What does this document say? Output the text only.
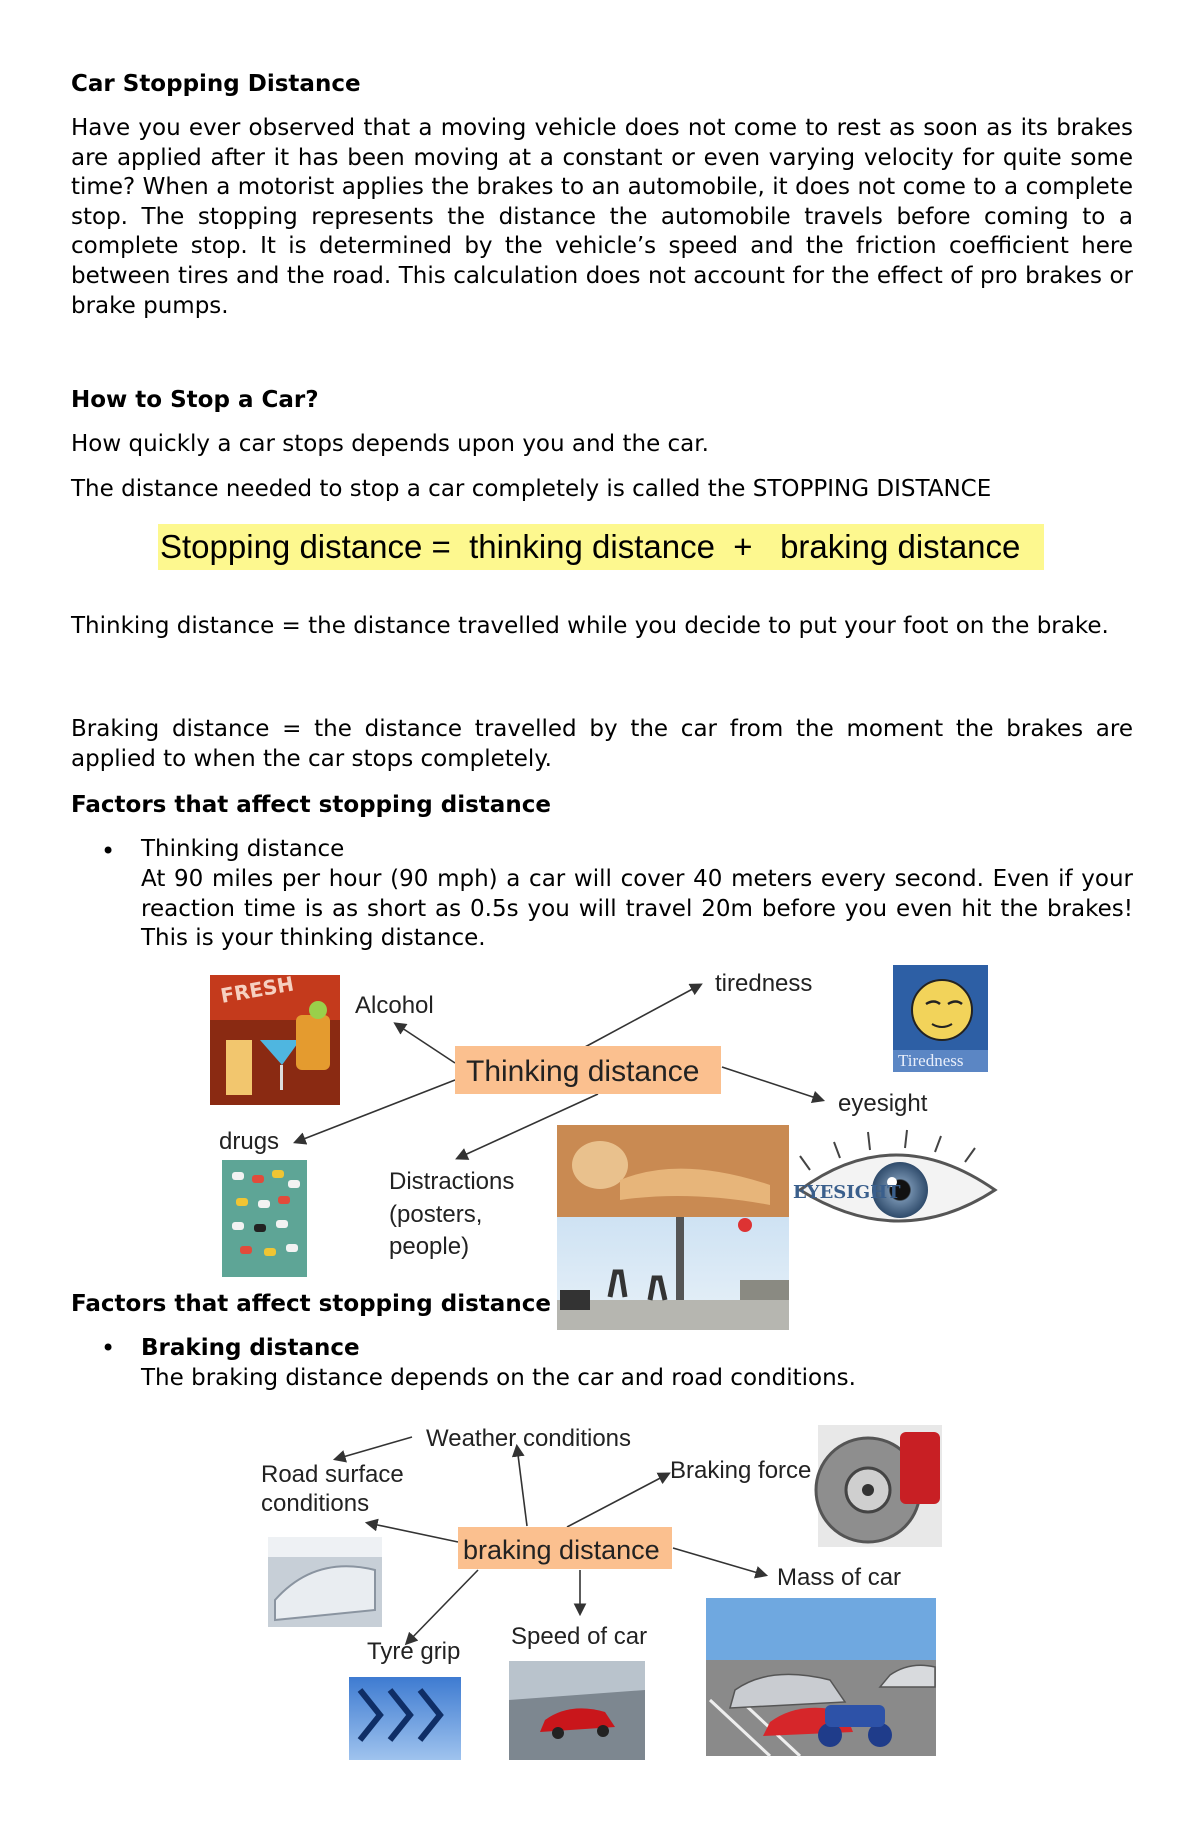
Car Stopping Distance

Have you ever observed that a moving vehicle does not come to rest as soon as its brakes are applied after it has been moving at a constant or even varying velocity for quite some time? When a motorist applies the brakes to an automobile, it does not come to a complete stop. The stopping represents the distance the automobile travels before coming to a complete stop. It is determined by the vehicle’s speed and the friction coefficient here between tires and the road. This calculation does not account for the effect of pro brakes or brake pumps.

How to Stop a Car?

How quickly a car stops depends upon you and the car.

The distance needed to stop a car completely is called the STOPPING DISTANCE

Stopping distance =  thinking distance  +   braking distance

Thinking distance = the distance travelled while you decide to put your foot on the brake.

Braking distance = the distance travelled by the car from the moment the brakes are applied to when the car stops completely.

Factors that affect stopping distance

• Thinking distance

At 90 miles per hour (90 mph) a car will cover 40 meters every second. Even if your reaction time is as short as 0.5s you will travel 20m before you even hit the brakes! This is your thinking distance.

Factors that affect stopping distance

• Braking distance

The braking distance depends on the car and road conditions.

Thinking distance
Alcohol
tiredness
eyesight
drugs
Distractions
(posters,
people)
FRESH
Tiredness
EYESIGHT
braking distance
Weather conditions
Road surface
conditions
Braking force
Mass of car
Tyre grip
Speed of car
